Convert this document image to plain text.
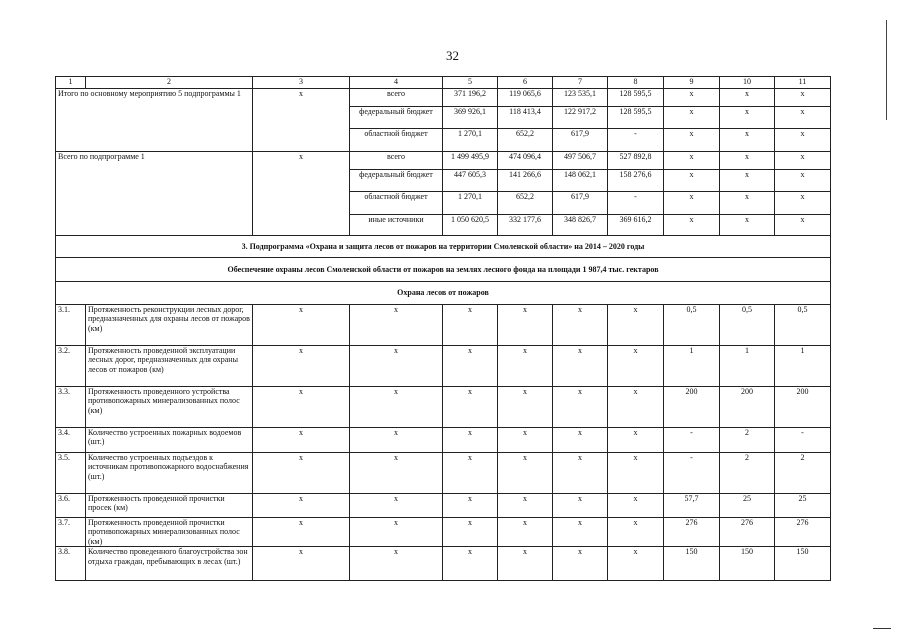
32
1	2	3	4	5	6	7	8	9	10	11
Итого по основному мероприятию 5 подпрограммы 1		х	всего	371 196,2	119 065,6	123 535,1	128 595,5	х	х	х
			федеральный бюджет	369 926,1	118 413,4	122 917,2	128 595,5	х	х	х
			областной бюджет	1 270,1	652,2	617,9	-	х	х	х
Всего по подпрограмме 1		х	всего	1 499 495,9	474 096,4	497 506,7	527 892,8	х	х	х
			федеральный бюджет	447 605,3	141 266,6	148 062,1	158 276,6	х	х	х
			областной бюджет	1 270,1	652,2	617,9	-	х	х	х
			иные источники	1 050 620,5	332 177,6	348 826,7	369 616,2	х	х	х
3. Подпрограмма «Охрана и защита лесов от пожаров на территории Смоленской области» на 2014 – 2020 годы										
Обеспечение охраны лесов Смоленской области от пожаров на землях лесного фонда на площади 1 987,4 тыс. гектаров										
Охрана лесов от пожаров										
3.1.	Протяженность реконструкции лесных дорог, предназначенных для охраны лесов от пожаров (км)	х	х	х	х	х	х	0,5	0,5	0,5
3.2.	Протяженность проведенной эксплуатации лесных дорог, предназначенных для охраны лесов от пожаров (км)	х	х	х	х	х	х	1	1	1
3.3.	Протяженность проведенного устройства противопожарных минерализованных полос (км)	х	х	х	х	х	х	200	200	200
3.4.	Количество устроенных пожарных водоемов (шт.)	х	х	х	х	х	х	-	2	-
3.5.	Количество устроенных подъездов к источникам противопожарного водоснабжения (шт.)	х	х	х	х	х	х	-	2	2
3.6.	Протяженность проведенной прочистки просек (км)	х	х	х	х	х	х	57,7	25	25
3.7.	Протяженность проведенной прочистки противопожарных минерализованных полос (км)	х	х	х	х	х	х	276	276	276
3.8.	Количество проведенного благоустройства зон отдыха граждан, пребывающих в лесах (шт.)	х	х	х	х	х	х	150	150	150
